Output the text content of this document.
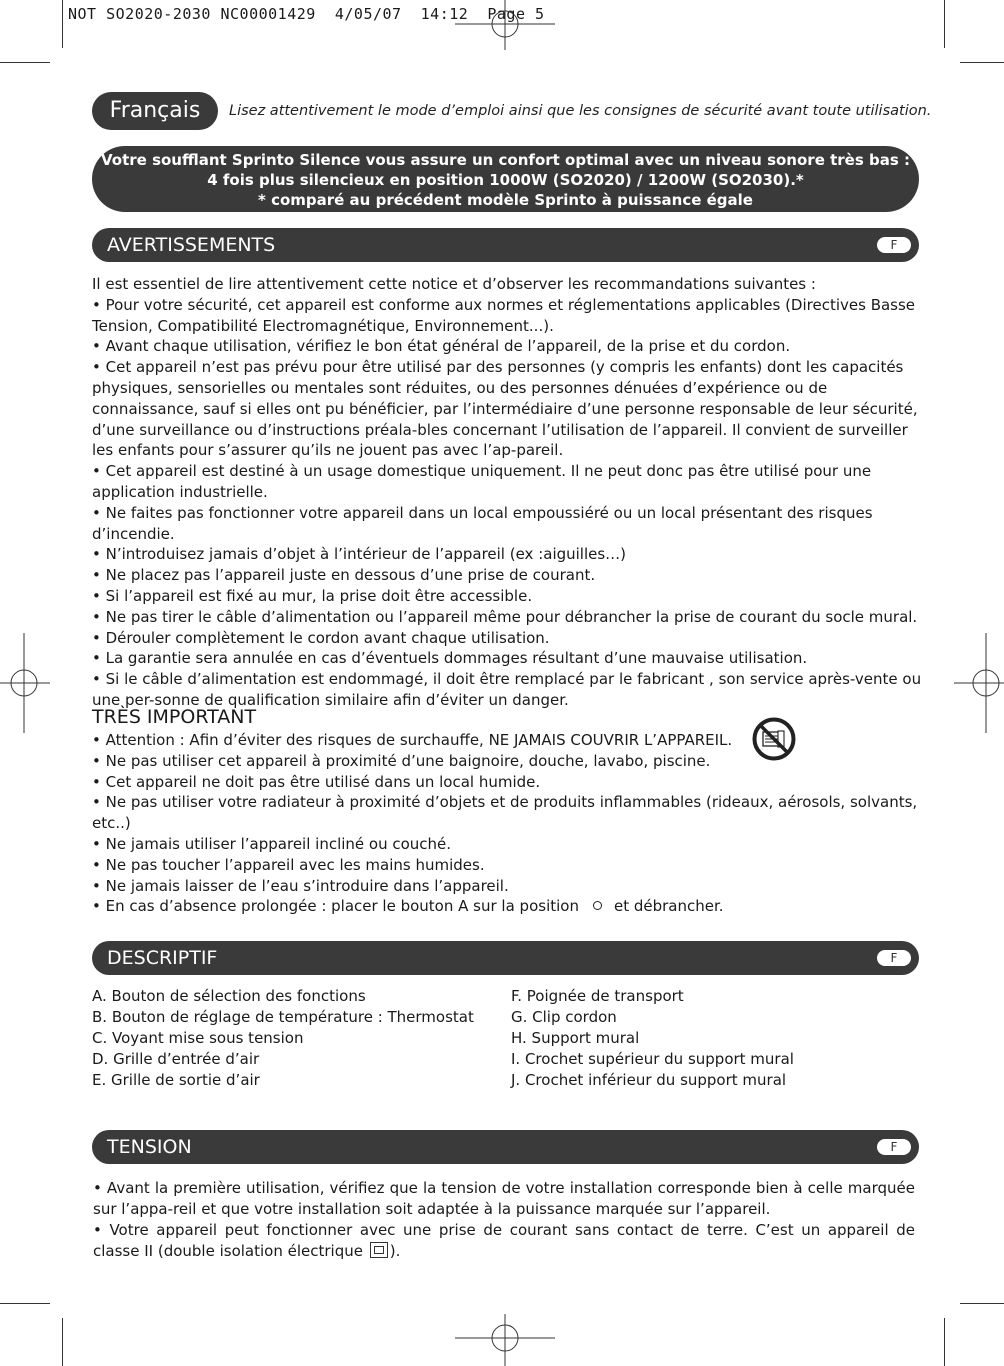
NOT SO2020-2030 NC00001429  4/05/07  14:12  Page 5
Français	Lisez attentivement le mode d’emploi ainsi que les consignes de sécurité avant toute utilisation.
Votre soufflant Sprinto Silence vous assure un confort optimal avec un niveau sonore très bas :
4 fois plus silencieux en position 1000W (SO2020) / 1200W (SO2030).*
* comparé au précédent modèle Sprinto à puissance égale
AVERTISSEMENTS	F

Il est essentiel de lire attentivement cette notice et d’observer les recommandations suivantes :

• Pour votre sécurité, cet appareil est conforme aux normes et réglementations applicables (Directives Basse Tension, Compatibilité Electromagnétique, Environnement...).

• Avant chaque utilisation, vérifiez le bon état général de l’appareil, de la prise et du cordon.

• Cet appareil n’est pas prévu pour être utilisé par des personnes (y compris les enfants) dont les capacités physiques, sensorielles ou mentales sont réduites, ou des personnes dénuées d’expérience ou de connaissance, sauf si elles ont pu bénéficier, par l’intermédiaire d’une personne responsable de leur sécurité, d’une surveillance ou d’instructions préala-bles concernant l’utilisation de l’appareil. Il convient de surveiller les enfants pour s’assurer qu’ils ne jouent pas avec l’ap-pareil.

• Cet appareil est destiné à un usage domestique uniquement. Il ne peut donc pas être utilisé pour une application industrielle.

• Ne faites pas fonctionner votre appareil dans un local empoussiéré ou un local présentant des risques d’incendie.

• N’introduisez jamais d’objet à l’intérieur de l’appareil (ex :aiguilles…)

• Ne placez pas l’appareil juste en dessous d’une prise de courant.

• Si l’appareil est fixé au mur, la prise doit être accessible.

• Ne pas tirer le câble d’alimentation ou l’appareil même pour débrancher la prise de courant du socle mural.

• Dérouler complètement le cordon avant chaque utilisation.

• La garantie sera annulée en cas d’éventuels dommages résultant d’une mauvaise utilisation.

• Si le câble d’alimentation est endommagé, il doit être remplacé par le fabricant , son service après-vente ou une per-sonne de qualification similaire afin d’éviter un danger.

TRÈS IMPORTANT

• Attention : Afin d’éviter des risques de surchauffe, NE JAMAIS COUVRIR L’APPAREIL.

• Ne pas utiliser cet appareil à proximité d’une baignoire, douche, lavabo, piscine.

• Cet appareil ne doit pas être utilisé dans un local humide.

• Ne pas utiliser votre radiateur à proximité d’objets et de produits inflammables (rideaux, aérosols, solvants, etc..)

• Ne jamais utiliser l’appareil incliné ou couché.

• Ne pas toucher l’appareil avec les mains humides.

• Ne jamais laisser de l’eau s’introduire dans l’appareil.

• En cas d’absence prolongée : placer le bouton A sur la position et débrancher.

DESCRIPTIF	F
A. Bouton de sélection des fonctions
B. Bouton de réglage de température : Thermostat
C. Voyant mise sous tension
D. Grille d’entrée d’air
E. Grille de sortie d’air
F. Poignée de transport
G. Clip cordon
H. Support mural
I. Crochet supérieur du support mural
J. Crochet inférieur du support mural
TENSION	F

• Avant la première utilisation, vérifiez que la tension de votre installation corresponde bien à celle marquée sur l’appa-reil et que votre installation soit adaptée à la puissance marquée sur l’appareil.

• Votre appareil peut fonctionner avec une prise de courant sans contact de terre. C’est un appareil de classe II (double isolation électrique ).
